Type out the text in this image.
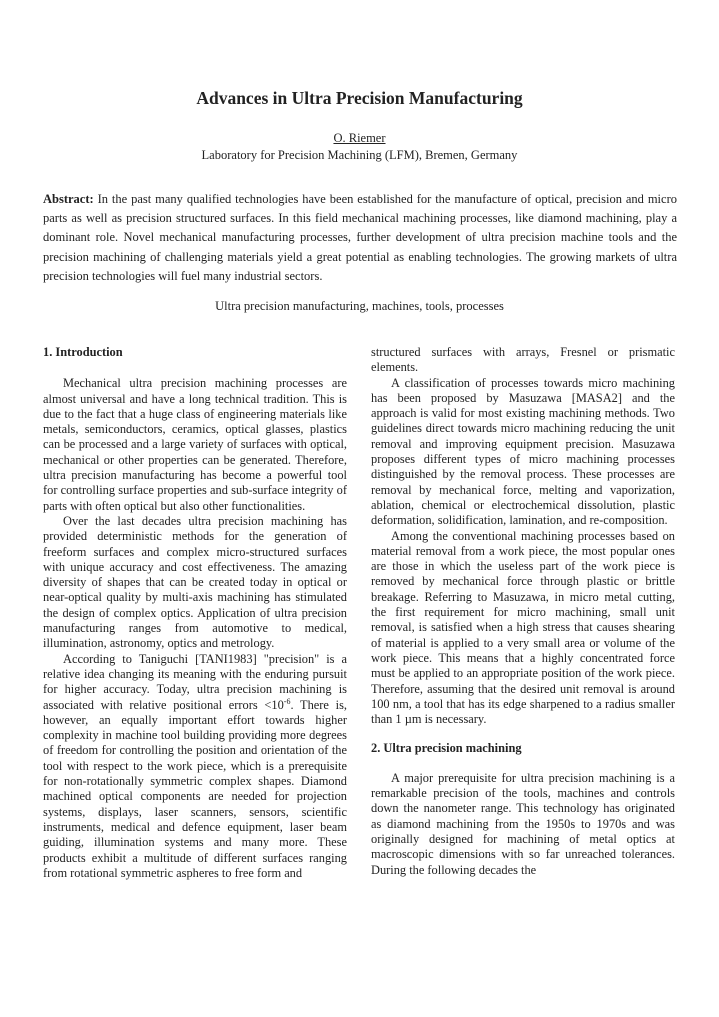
Advances in Ultra Precision Manufacturing
O. Riemer
Laboratory for Precision Machining (LFM), Bremen, Germany

Abstract: In the past many qualified technologies have been established for the manufacture of optical, precision and micro parts as well as precision structured surfaces. In this field mechanical machining processes, like diamond machining, play a dominant role. Novel mechanical manufacturing processes, further development of ultra precision machine tools and the precision machining of challenging materials yield a great potential as enabling technologies. The growing markets of ultra precision technologies will fuel many industrial sectors.

Ultra precision manufacturing, machines, tools, processes
1. Introduction

Mechanical ultra precision machining processes are almost universal and have a long technical tradition. This is due to the fact that a huge class of engineering materials like metals, semiconductors, ceramics, optical glasses, plastics can be processed and a large variety of surfaces with optical, mechanical or other properties can be generated. Therefore, ultra precision manufacturing has become a powerful tool for controlling surface properties and sub-surface integrity of parts with often optical but also other functionalities.

Over the last decades ultra precision machining has provided deterministic methods for the generation of freeform surfaces and complex micro-structured surfaces with unique accuracy and cost effectiveness. The amazing diversity of shapes that can be created today in optical or near-optical quality by multi-axis machining has stimulated the design of complex optics. Application of ultra precision manufacturing ranges from automotive to medical, illumination, astronomy, optics and metrology.

According to Taniguchi [TANI1983] "precision" is a relative idea changing its meaning with the enduring pursuit for higher accuracy. Today, ultra precision machining is associated with relative positional errors $<10^{-6}$. There is, however, an equally important effort towards higher complexity in machine tool building providing more degrees of freedom for controlling the position and orientation of the tool with respect to the work piece, which is a prerequisite for non-rotationally symmetric complex shapes. Diamond machined optical components are needed for projection systems, displays, laser scanners, sensors, scientific instruments, medical and defence equipment, laser beam guiding, illumination systems and many more. These products exhibit a multitude of different surfaces ranging from rotational symmetric aspheres to free form and

structured surfaces with arrays, Fresnel or prismatic elements.

A classification of processes towards micro machining has been proposed by Masuzawa [MASA2] and the approach is valid for most existing machining methods. Two guidelines direct towards micro machining reducing the unit removal and improving equipment precision. Masuzawa proposes different types of micro machining processes distinguished by the removal process. These processes are removal by mechanical force, melting and vaporization, ablation, chemical or electrochemical dissolution, plastic deformation, solidification, lamination, and re-composition.

Among the conventional machining processes based on material removal from a work piece, the most popular ones are those in which the useless part of the work piece is removed by mechanical force through plastic or brittle breakage. Referring to Masuzawa, in micro metal cutting, the first requirement for micro machining, small unit removal, is satisfied when a high stress that causes shearing of material is applied to a very small area or volume of the work piece. This means that a highly concentrated force must be applied to an appropriate position of the work piece. Therefore, assuming that the desired unit removal is around 100 nm, a tool that has its edge sharpened to a radius smaller than 1 µm is necessary.

2. Ultra precision machining

A major prerequisite for ultra precision machining is a remarkable precision of the tools, machines and controls down the nanometer range. This technology has originated as diamond machining from the 1950s to 1970s and was originally designed for machining of metal optics at macroscopic dimensions with so far unreached tolerances. During the following decades the
